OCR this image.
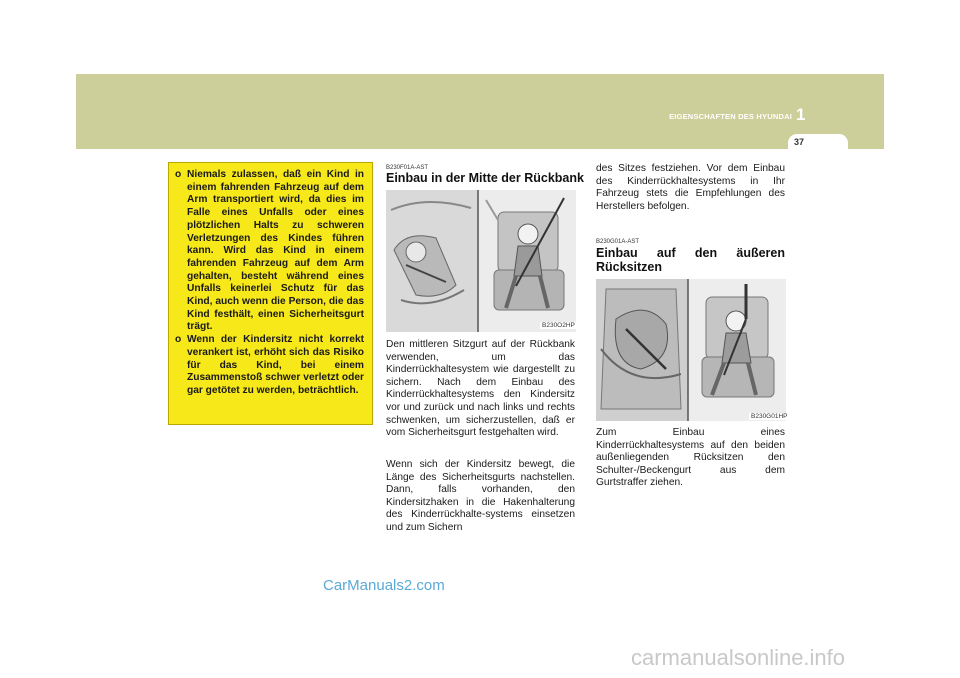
EIGENSCHAFTEN DES HYUNDAI 1
37
o Niemals zulassen, daß ein Kind in einem fahrenden Fahrzeug auf dem Arm transportiert wird, da dies im Falle eines Unfalls oder eines plötzlichen Halts zu schweren Verletzungen des Kindes führen kann. Wird das Kind in einem fahrenden Fahrzeug auf dem Arm gehalten, besteht während eines Unfalls keinerlei Schutz für das Kind, auch wenn die Person, die das Kind festhält, einen Sicherheitsgurt trägt.
o Wenn der Kindersitz nicht korrekt verankert ist, erhöht sich das Risiko für das Kind, bei einem Zusammenstoß schwer verletzt oder gar getötet zu werden, beträchtlich.
B230F01A-AST
Einbau in der Mitte der Rückbank
B230O2HP
Den mittleren Sitzgurt auf der Rückbank verwenden, um das Kinderrückhaltesystem wie dargestellt zu sichern. Nach dem Einbau des Kinderrückhaltesystems den Kindersitz vor und zurück und nach links und rechts schwenken, um sicherzustellen, daß er vom Sicherheitsgurt festgehalten wird.
Wenn sich der Kindersitz bewegt, die Länge des Sicherheitsgurts nachstellen. Dann, falls vorhanden, den Kindersitzhaken in die Hakenhalterung des Kinderrückhalte-systems einsetzen und zum Sichern
des Sitzes festziehen. Vor dem Einbau des Kinderrückhaltesystems in Ihr Fahrzeug stets die Empfehlungen des Herstellers befolgen.
B230G01A-AST
Einbau auf den äußeren Rücksitzen
B230G01HP
Zum Einbau eines Kinderrückhaltesystems auf den beiden außenliegenden Rücksitzen den Schulter-/Beckengurt aus dem Gurtstraffer ziehen.
CarManuals2.com
carmanualsonline.info
